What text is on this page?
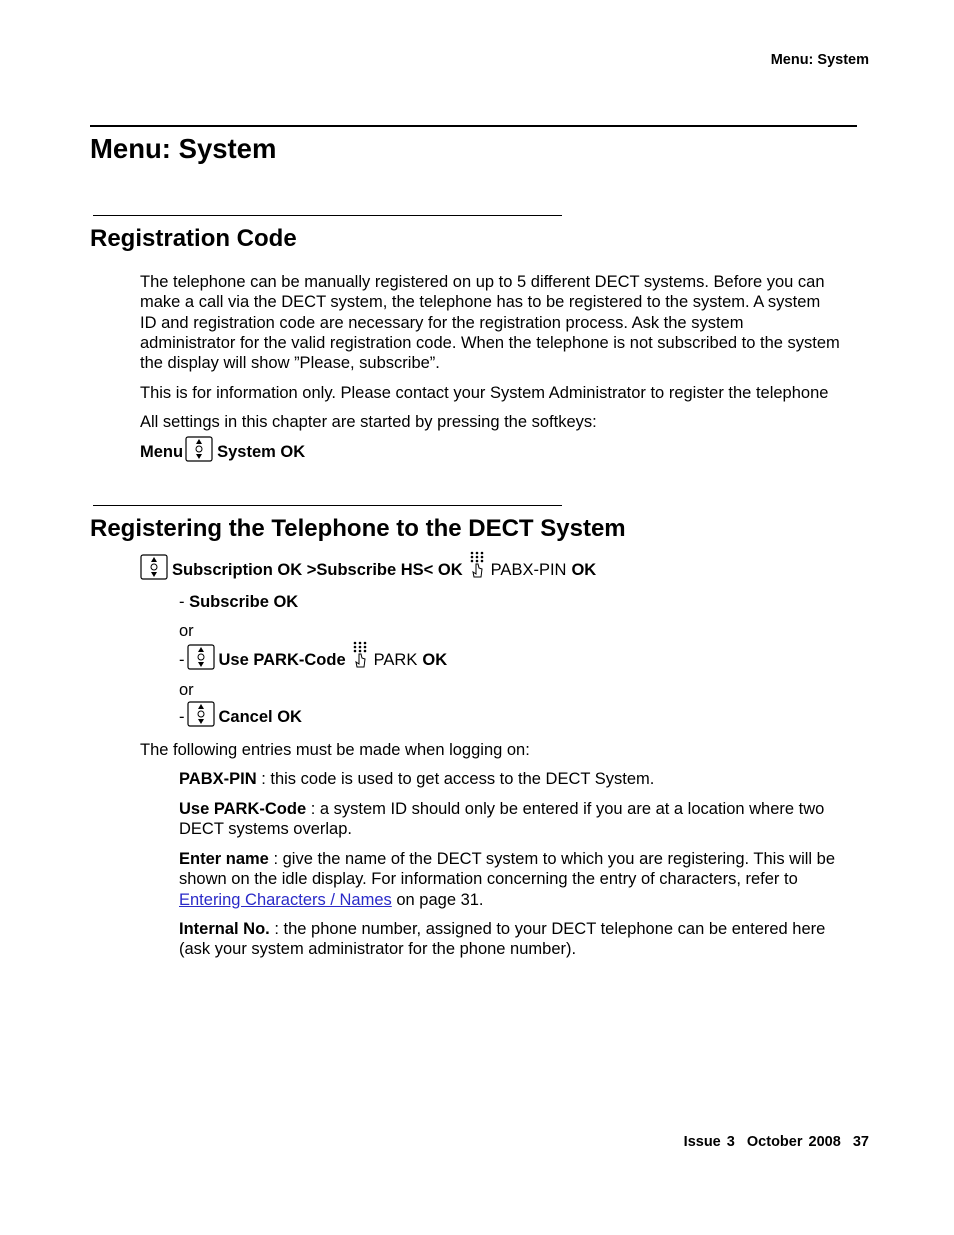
Menu: System
Menu: System
Registration Code
The telephone can be manually registered on up to 5 different DECT systems. Before you can
make a call via the DECT system, the telephone has to be registered to the system. A system
ID and registration code are necessary for the registration process. Ask the system
administrator for the valid registration code. When the telephone is not subscribed to the system
the display will show ”Please, subscribe”.
This is for information only. Please contact your System Administrator to register the telephone
All settings in this chapter are started by pressing the softkeys:
Menu System OK
Registering the Telephone to the DECT System
Subscription OK >Subscribe HS< OK PABX-PIN OK
- Subscribe OK
or
- Use PARK-Code PARK OK
or
- Cancel OK
The following entries must be made when logging on:
PABX-PIN : this code is used to get access to the DECT System.
Use PARK-Code : a system ID should only be entered if you are at a location where two
DECT systems overlap.
Enter name : give the name of the DECT system to which you are registering. This will be
shown on the idle display. For information concerning the entry of characters, refer to
Entering Characters / Names on page 31.
Internal No. : the phone number, assigned to your DECT telephone can be entered here
(ask your system administrator for the phone number).
Issue 3 October 2008 37
